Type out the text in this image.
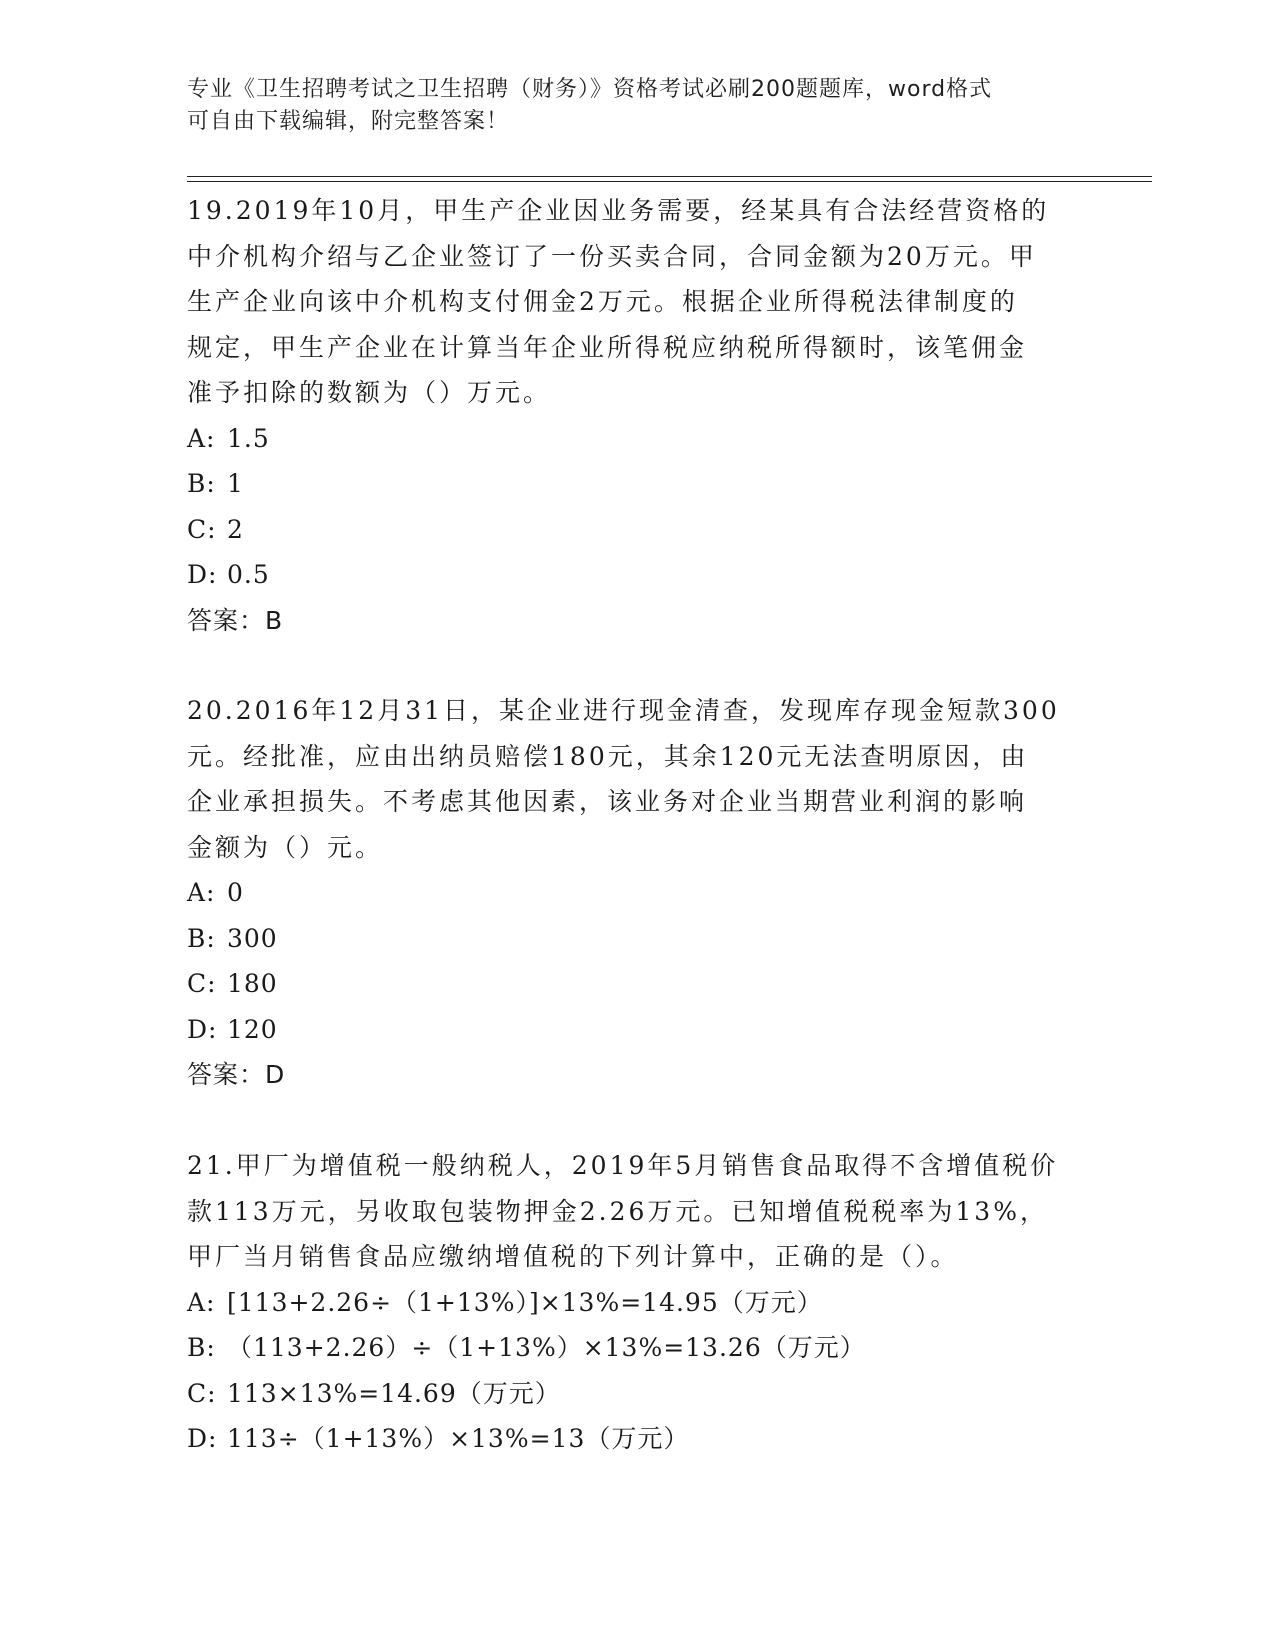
专业《卫生招聘考试之卫生招聘（财务）》资格考试必刷200题题库，word格式
可自由下载编辑，附完整答案！
19.2019年10月，甲生产企业因业务需要，经某具有合法经营资格的
中介机构介绍与乙企业签订了一份买卖合同，合同金额为20万元。甲
生产企业向该中介机构支付佣金2万元。根据企业所得税法律制度的
规定，甲生产企业在计算当年企业所得税应纳税所得额时，该笔佣金
准予扣除的数额为（）万元。
A: 1.5
B: 1
C: 2
D: 0.5
答案：B
20.2016年12月31日，某企业进行现金清查，发现库存现金短款300
元。经批准，应由出纳员赔偿180元，其余120元无法查明原因，由
企业承担损失。不考虑其他因素，该业务对企业当期营业利润的影响
金额为（）元。
A: 0
B: 300
C: 180
D: 120
答案：D
21.甲厂为增值税一般纳税人，2019年5月销售食品取得不含增值税价
款113万元，另收取包装物押金2.26万元。已知增值税税率为13%，
甲厂当月销售食品应缴纳增值税的下列计算中，正确的是（）。
A: [113+2.26÷（1+13%）]×13%=14.95（万元）
B: （113+2.26）÷（1+13%）×13%=13.26（万元）
C: 113×13%=14.69（万元）
D: 113÷（1+13%）×13%=13（万元）
